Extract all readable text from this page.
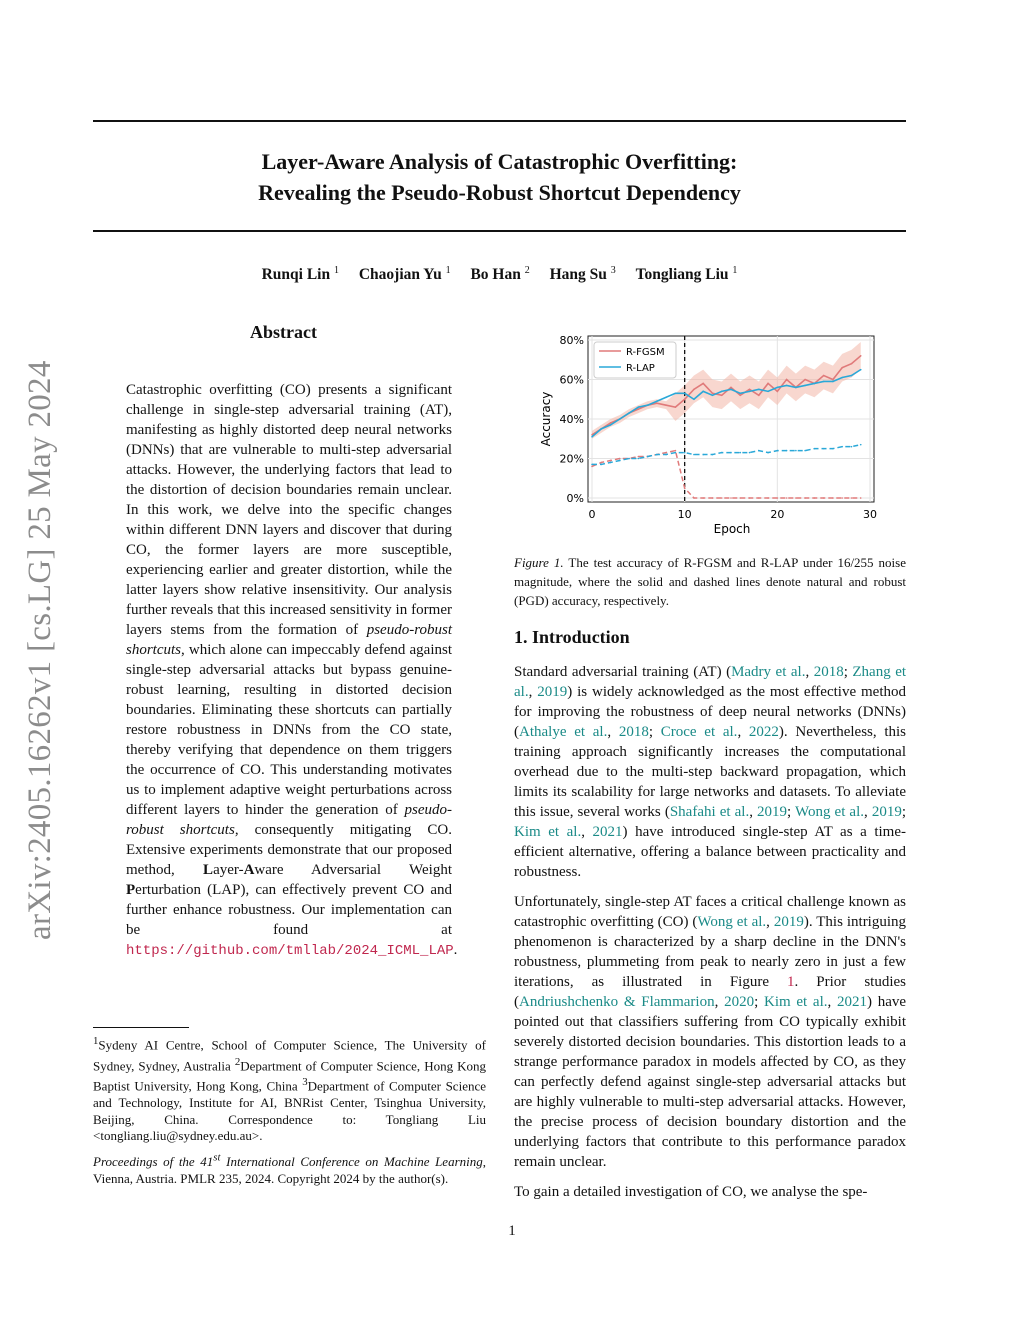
arXiv:2405.16262v1 [cs.LG] 25 May 2024
Layer-Aware Analysis of Catastrophic Overfitting:
Revealing the Pseudo-Robust Shortcut Dependency
Runqi Lin $^1$ Chaojian Yu $^1$ Bo Han $^2$ Hang Su $^3$ Tongliang Liu $^1$
Abstract
Catastrophic overfitting (CO) presents a significant challenge in single-step adversarial training (AT), manifesting as highly distorted deep neural networks (DNNs) that are vulnerable to multi-step adversarial attacks. However, the underlying factors that lead to the distortion of decision boundaries remain unclear. In this work, we delve into the specific changes within different DNN layers and discover that during CO, the former layers are more susceptible, experiencing earlier and greater distortion, while the latter layers show relative insensitivity. Our analysis further reveals that this increased sensitivity in former layers stems from the formation of pseudo-robust shortcuts, which alone can impeccably defend against single-step adversarial attacks but bypass genuine-robust learning, resulting in distorted decision boundaries. Eliminating these shortcuts can partially restore robustness in DNNs from the CO state, thereby verifying that dependence on them triggers the occurrence of CO. This understanding motivates us to implement adaptive weight perturbations across different layers to hinder the generation of pseudo-robust shortcuts, consequently mitigating CO. Extensive experiments demonstrate that our proposed method, Layer-Aware Adversarial Weight Perturbation (LAP), can effectively prevent CO and further enhance robustness. Our implementation can be found at https://github.com/tmllab/2024_ICML_LAP.
$^1$Sydeny AI Centre, School of Computer Science, The University of Sydney, Sydney, Australia $^2$Department of Computer Science, Hong Kong Baptist University, Hong Kong, China $^3$Department of Computer Science and Technology, Institute for AI, BNRist Center, Tsinghua University, Beijing, China. Correspondence to: Tongliang Liu <tongliang.liu@sydney.edu.au>.
Proceedings of the 41st International Conference on Machine Learning, Vienna, Austria. PMLR 235, 2024. Copyright 2024 by the author(s).
0%
20%
40%
60%
80%
0	10	20	30
Epoch
Accuracy
R-FGSM
R-LAP
Figure 1. The test accuracy of R-FGSM and R-LAP under 16/255 noise magnitude, where the solid and dashed lines denote natural and robust (PGD) accuracy, respectively.
1. Introduction
Standard adversarial training (AT) (Madry et al., 2018; Zhang et al., 2019) is widely acknowledged as the most effective method for improving the robustness of deep neural networks (DNNs) (Athalye et al., 2018; Croce et al., 2022). Nevertheless, this training approach significantly increases the computational overhead due to the multi-step backward propagation, which limits its scalability for large networks and datasets. To alleviate this issue, several works (Shafahi et al., 2019; Wong et al., 2019; Kim et al., 2021) have introduced single-step AT as a time-efficient alternative, offering a balance between practicality and robustness.
Unfortunately, single-step AT faces a critical challenge known as catastrophic overfitting (CO) (Wong et al., 2019). This intriguing phenomenon is characterized by a sharp decline in the DNN's robustness, plummeting from peak to nearly zero in just a few iterations, as illustrated in Figure 1. Prior studies (Andriushchenko & Flammarion, 2020; Kim et al., 2021) have pointed out that classifiers suffering from CO typically exhibit severely distorted decision boundaries. This distortion leads to a strange performance paradox in models affected by CO, as they can perfectly defend against single-step adversarial attacks but are highly vulnerable to multi-step adversarial attacks. However, the precise process of decision boundary distortion and the underlying factors that contribute to this performance paradox remain unclear.
To gain a detailed investigation of CO, we analyse the spe-
1
